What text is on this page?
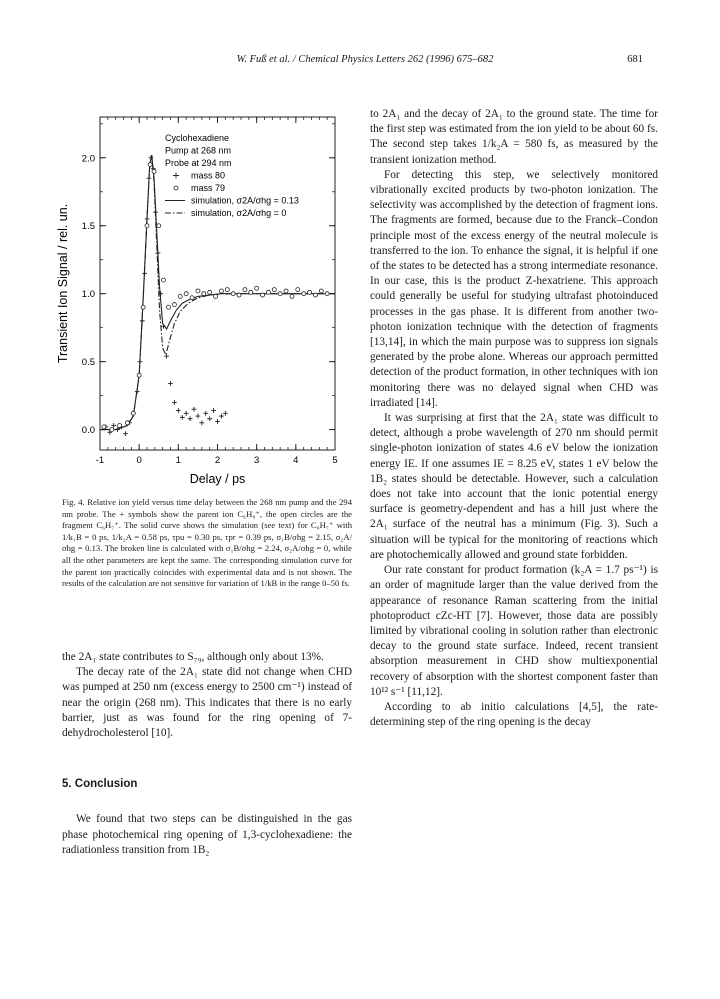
W. Fuß et al. / Chemical Physics Letters 262 (1996) 675–682	681
-1	0	1	2	3	4	5
0.0
0.5
1.0
1.5
2.0
Delay / ps
Transient Ion Signal / rel. un.
Cyclohexadiene
Pump at 268 nm
Probe at 294 nm
mass 80
mass 79
simulation, σ2A/σhg = 0.13
simulation, σ2A/σhg = 0

Fig. 4. Relative ion yield versus time delay between the 268 nm pump and the 294 nm probe. The + symbols show the parent ion C₆H₈⁺, the open circles are the fragment C₆H₇⁺. The solid curve shows the simulation (see text) for C₆H₇⁺ with 1/k₁B = 0 ps, 1/k₂A = 0.58 ps, τpu = 0.30 ps, τpr = 0.39 ps, σ₁B/σhg = 2.15, σ₂A/σhg = 0.13. The broken line is calculated with σ₁B/σhg = 2.24, σ₂A/σhg = 0, while all the other parameters are kept the same. The corresponding simulation curve for the parent ion practically coincides with experimental data and is not shown. The results of the calculation are not sensitive for variation of 1/kB in the range 0–50 fs.

the 2A₁ state contributes to S₇₉, although only about 13%.

The decay rate of the 2A₁ state did not change when CHD was pumped at 250 nm (excess energy to 2500 cm⁻¹) instead of near the origin (268 nm). This indicates that there is no early barrier, just as was found for the ring opening of 7-dehydrocholesterol [10].

5. Conclusion

We found that two steps can be distinguished in the gas phase photochemical ring opening of 1,3-cyclohexadiene: the radiationless transition from 1B₂

to 2A₁ and the decay of 2A₁ to the ground state. The time for the first step was estimated from the ion yield to be about 60 fs. The second step takes 1/k₂A = 580 fs, as measured by the transient ionization method.

For detecting this step, we selectively monitored vibrationally excited products by two-photon ionization. The selectivity was accomplished by the detection of fragment ions. The fragments are formed, because due to the Franck–Condon principle most of the excess energy of the neutral molecule is transferred to the ion. To enhance the signal, it is helpful if one of the states to be detected has a strong intermediate resonance. In our case, this is the product Z-hexatriene. This approach could generally be useful for studying ultrafast photoinduced processes in the gas phase. It is different from another two-photon ionization technique with the detection of fragments [13,14], in which the main purpose was to suppress ion signals generated by the probe alone. Whereas our approach permitted detection of the product formation, in other techniques with ion monitoring there was no delayed signal when CHD was irradiated [14].

It was surprising at first that the 2A₁ state was difficult to detect, although a probe wavelength of 270 nm should permit single-photon ionization of states 4.6 eV below the ionization energy IE. If one assumes IE = 8.25 eV, states 1 eV below the 1B₂ states should be detectable. However, such a calculation does not take into account that the ionic potential energy surface is geometry-dependent and has a hill just where the 2A₁ surface of the neutral has a minimum (Fig. 3). Such a situation will be typical for the monitoring of reactions which are photochemically allowed and ground state forbidden.

Our rate constant for product formation (k₂A = 1.7 ps⁻¹) is an order of magnitude larger than the value derived from the appearance of resonance Raman scattering from the initial photoproduct cZc-HT [7]. However, those data are possibly limited by vibrational cooling in solution rather than electronic decay to the ground state surface. Indeed, recent transient absorption measurement in CHD show multiexponential recovery of absorption with the shortest component faster than 10¹² s⁻¹ [11,12].

According to ab initio calculations [4,5], the rate-determining step of the ring opening is the decay
